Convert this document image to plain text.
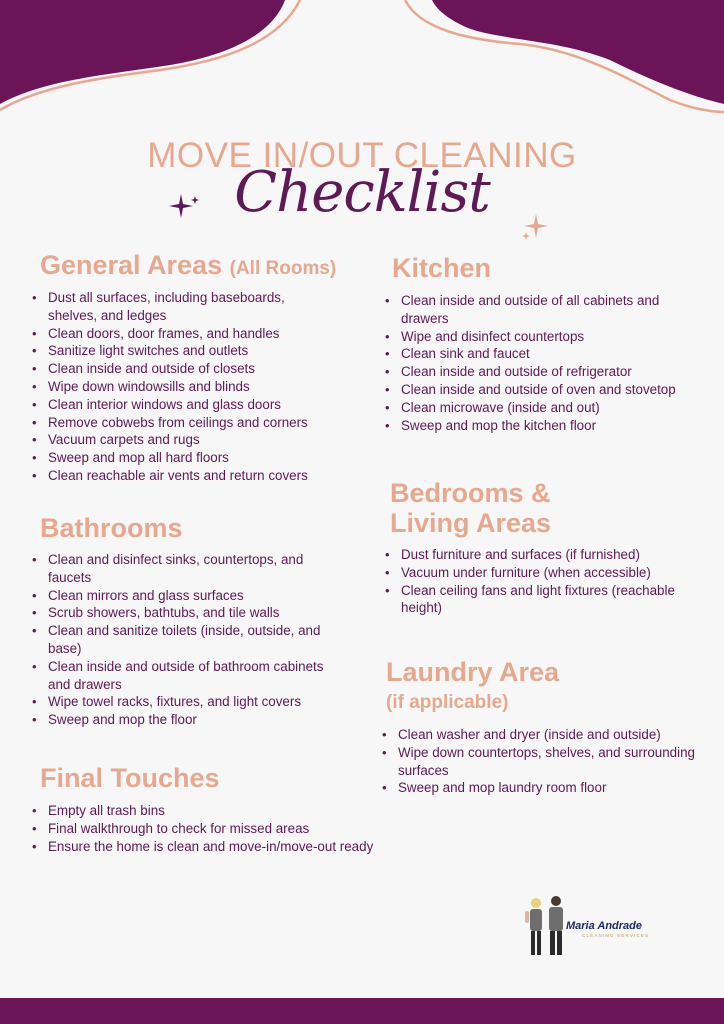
MOVE IN/OUT CLEANING
Checklist
General Areas (All Rooms)
• Dust all surfaces, including baseboards, shelves, and ledges
• Clean doors, door frames, and handles
• Sanitize light switches and outlets
• Clean inside and outside of closets
• Wipe down windowsills and blinds
• Clean interior windows and glass doors
• Remove cobwebs from ceilings and corners
• Vacuum carpets and rugs
• Sweep and mop all hard floors
• Clean reachable air vents and return covers
Bathrooms
• Clean and disinfect sinks, countertops, and faucets
• Clean mirrors and glass surfaces
• Scrub showers, bathtubs, and tile walls
• Clean and sanitize toilets (inside, outside, and base)
• Clean inside and outside of bathroom cabinets and drawers
• Wipe towel racks, fixtures, and light covers
• Sweep and mop the floor
Final Touches
• Empty all trash bins
• Final walkthrough to check for missed areas
• Ensure the home is clean and move-in/move-out ready
Kitchen
• Clean inside and outside of all cabinets and drawers
• Wipe and disinfect countertops
• Clean sink and faucet
• Clean inside and outside of refrigerator
• Clean inside and outside of oven and stovetop
• Clean microwave (inside and out)
• Sweep and mop the kitchen floor
Bedrooms &
Living Areas
• Dust furniture and surfaces (if furnished)
• Vacuum under furniture (when accessible)
• Clean ceiling fans and light fixtures (reachable height)
Laundry Area
(if applicable)
• Clean washer and dryer (inside and outside)
• Wipe down countertops, shelves, and surrounding surfaces
• Sweep and mop laundry room floor
Maria Andrade
CLEANING SERVICES
